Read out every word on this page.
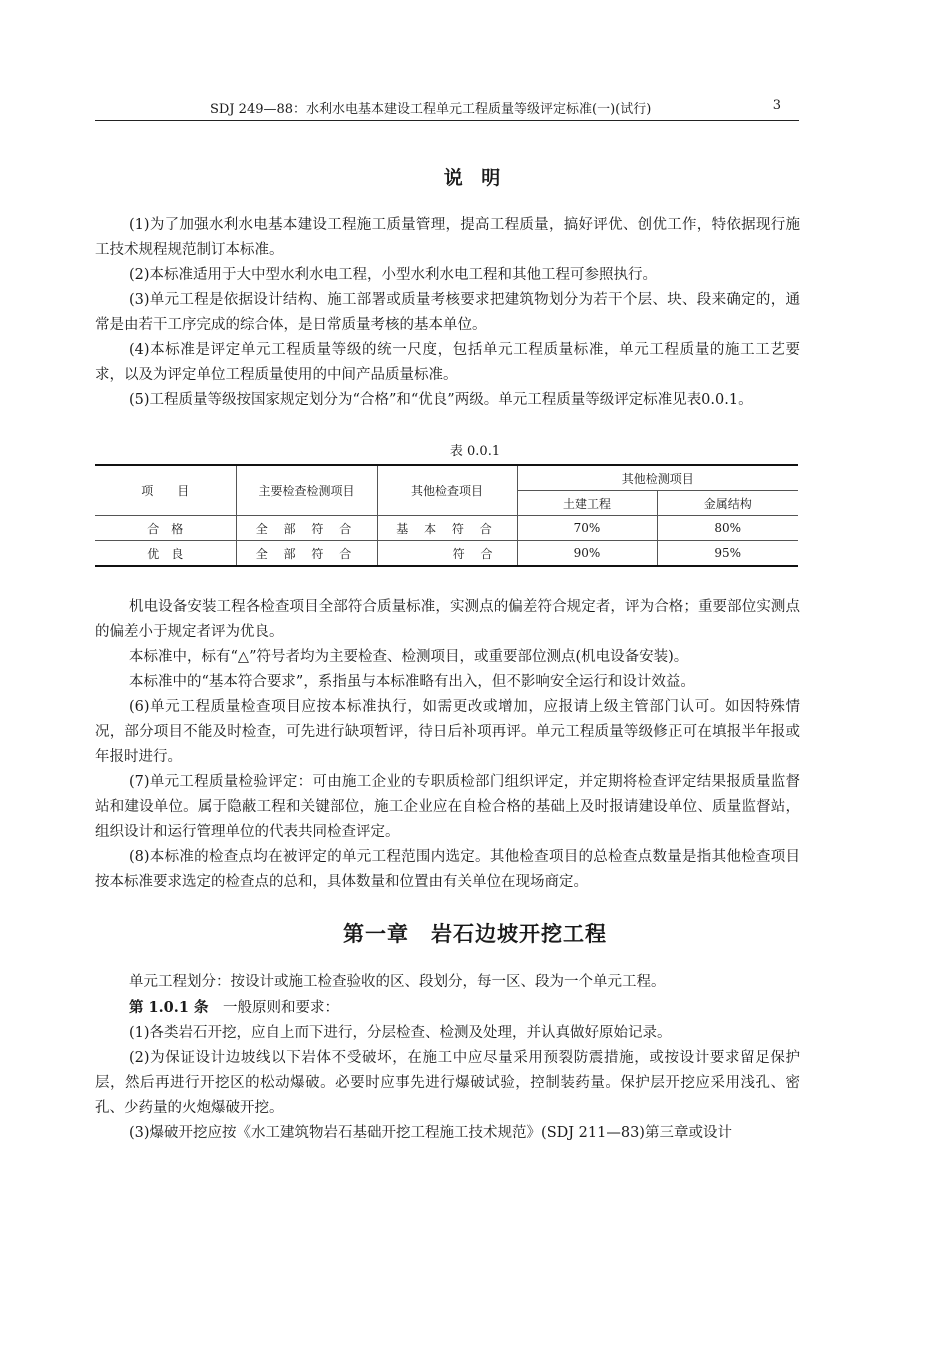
SDJ 249—88：水利水电基本建设工程单元工程质量等级评定标准(一)(试行)	3
说 明

(1)为了加强水利水电基本建设工程施工质量管理，提高工程质量，搞好评优、创优工作，特依据现行施工技术规程规范制订本标准。

(2)本标准适用于大中型水利水电工程，小型水利水电工程和其他工程可参照执行。

(3)单元工程是依据设计结构、施工部署或质量考核要求把建筑物划分为若干个层、块、段来确定的，通常是由若干工序完成的综合体，是日常质量考核的基本单位。

(4)本标准是评定单元工程质量等级的统一尺度，包括单元工程质量标准，单元工程质量的施工工艺要求，以及为评定单位工程质量使用的中间产品质量标准。

(5)工程质量等级按国家规定划分为“合格”和“优良”两级。单元工程质量等级评定标准见表0.0.1。

表 0.0.1
项　　目	主要检查检测项目	其他检查项目	其他检测项目	
			土建工程	金属结构
合　格	全 部 符 合	基 本 符 合	70%	80%
优　良	全 部 符 合	符 合	90%	95%

机电设备安装工程各检查项目全部符合质量标准，实测点的偏差符合规定者，评为合格；重要部位实测点的偏差小于规定者评为优良。

本标准中，标有“△”符号者均为主要检查、检测项目，或重要部位测点(机电设备安装)。

本标准中的“基本符合要求”，系指虽与本标准略有出入，但不影响安全运行和设计效益。

(6)单元工程质量检查项目应按本标准执行，如需更改或增加，应报请上级主管部门认可。如因特殊情况，部分项目不能及时检查，可先进行缺项暂评，待日后补项再评。单元工程质量等级修正可在填报半年报或年报时进行。

(7)单元工程质量检验评定：可由施工企业的专职质检部门组织评定，并定期将检查评定结果报质量监督站和建设单位。属于隐蔽工程和关键部位，施工企业应在自检合格的基础上及时报请建设单位、质量监督站，组织设计和运行管理单位的代表共同检查评定。

(8)本标准的检查点均在被评定的单元工程范围内选定。其他检查项目的总检查点数量是指其他检查项目按本标准要求选定的检查点的总和，具体数量和位置由有关单位在现场商定。

第一章　岩石边坡开挖工程

单元工程划分：按设计或施工检查验收的区、段划分，每一区、段为一个单元工程。

第 1.0.1 条　一般原则和要求：

(1)各类岩石开挖，应自上而下进行，分层检查、检测及处理，并认真做好原始记录。

(2)为保证设计边坡线以下岩体不受破坏，在施工中应尽量采用预裂防震措施，或按设计要求留足保护层，然后再进行开挖区的松动爆破。必要时应事先进行爆破试验，控制装药量。保护层开挖应采用浅孔、密孔、少药量的火炮爆破开挖。

(3)爆破开挖应按《水工建筑物岩石基础开挖工程施工技术规范》(SDJ 211—83)第三章或设计
